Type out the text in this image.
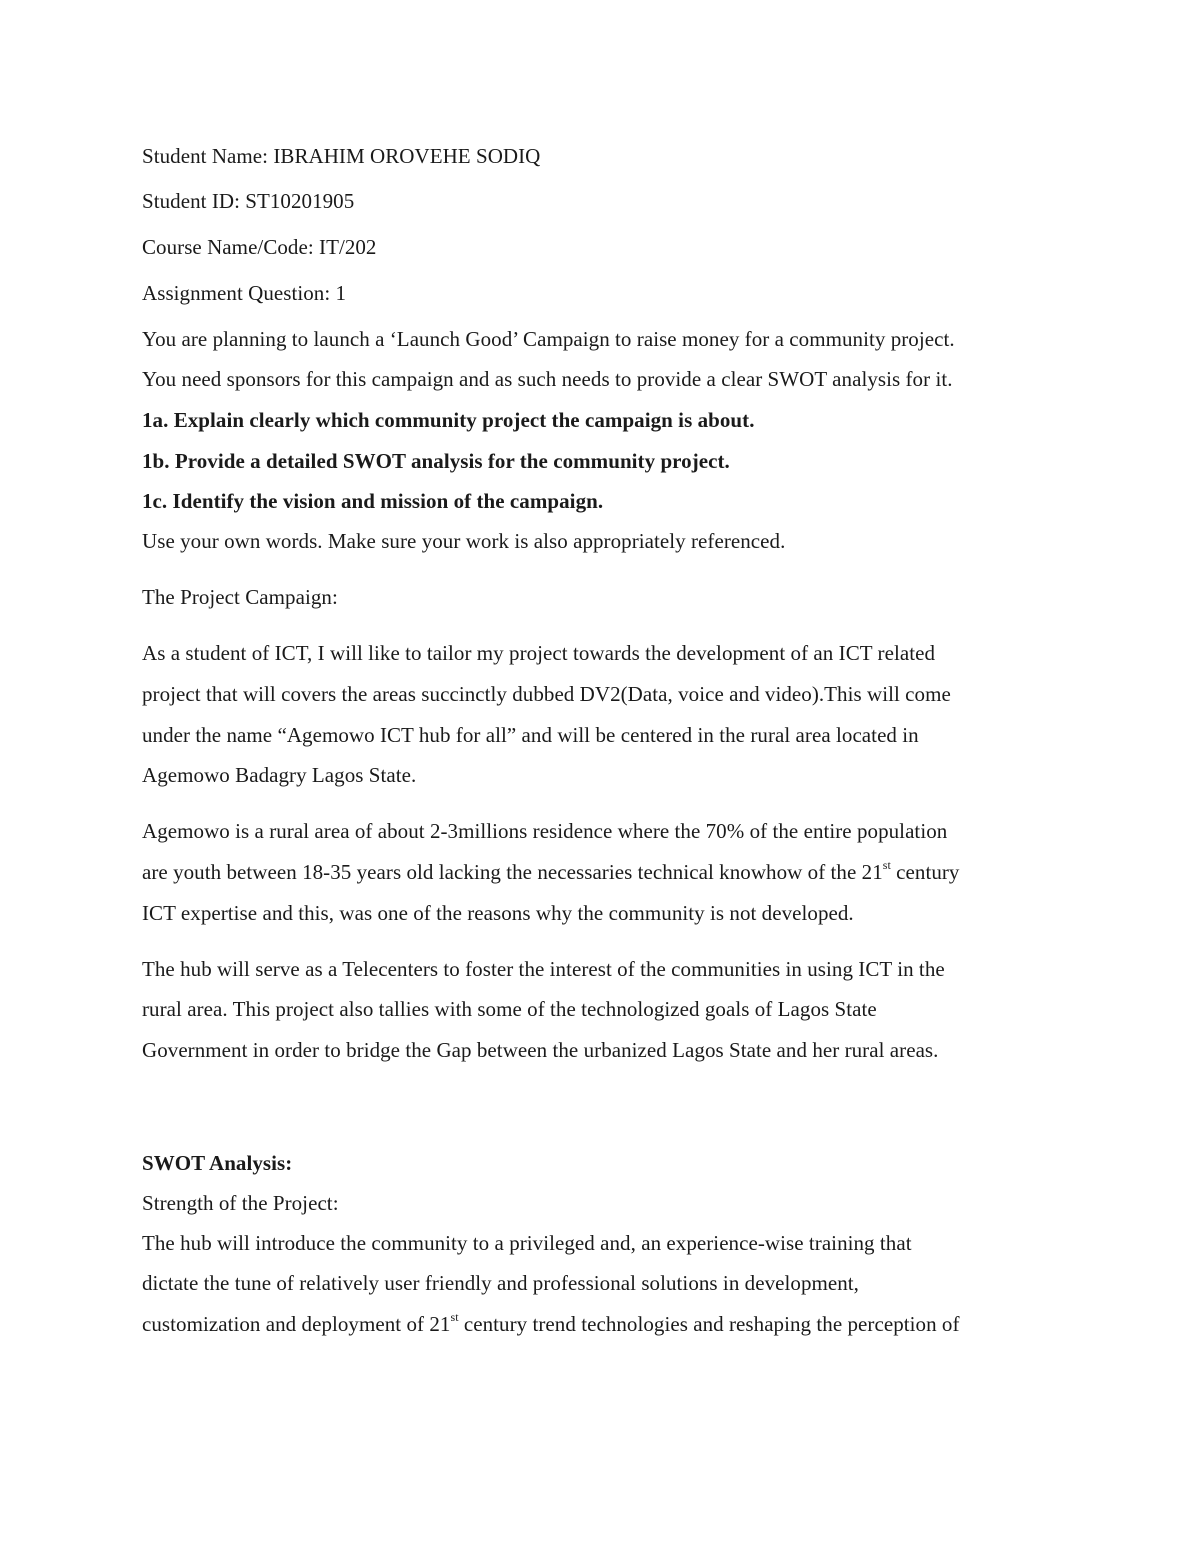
Student Name: IBRAHIM OROVEHE SODIQ
Student ID: ST10201905
Course Name/Code: IT/202
Assignment Question: 1
You are planning to launch a ‘Launch Good’ Campaign to raise money for a community project.
You need sponsors for this campaign and as such needs to provide a clear SWOT analysis for it.
1a. Explain clearly which community project the campaign is about.
1b. Provide a detailed SWOT analysis for the community project.
1c. Identify the vision and mission of the campaign.
Use your own words. Make sure your work is also appropriately referenced.
The Project Campaign:
As a student of ICT, I will like to tailor my project towards the development of an ICT related
project that will covers the areas succinctly dubbed DV2(Data, voice and video).This will come
under the name “Agemowo ICT hub for all” and will be centered in the rural area located in
Agemowo Badagry Lagos State.
Agemowo is a rural area of about 2-3millions residence where the 70% of the entire population
are youth between 18-35 years old lacking the necessaries technical knowhow of the 21st century
ICT expertise and this, was one of the reasons why the community is not developed.
The hub will serve as a Telecenters to foster the interest of the communities in using ICT in the
rural area. This project also tallies with some of the technologized goals of Lagos State
Government in order to bridge the Gap between the urbanized Lagos State and her rural areas.
SWOT Analysis:
Strength of the Project:
The hub will introduce the community to a privileged and, an experience-wise training that
dictate the tune of relatively user friendly and professional solutions in development,
customization and deployment of 21st century trend technologies and reshaping the perception of
